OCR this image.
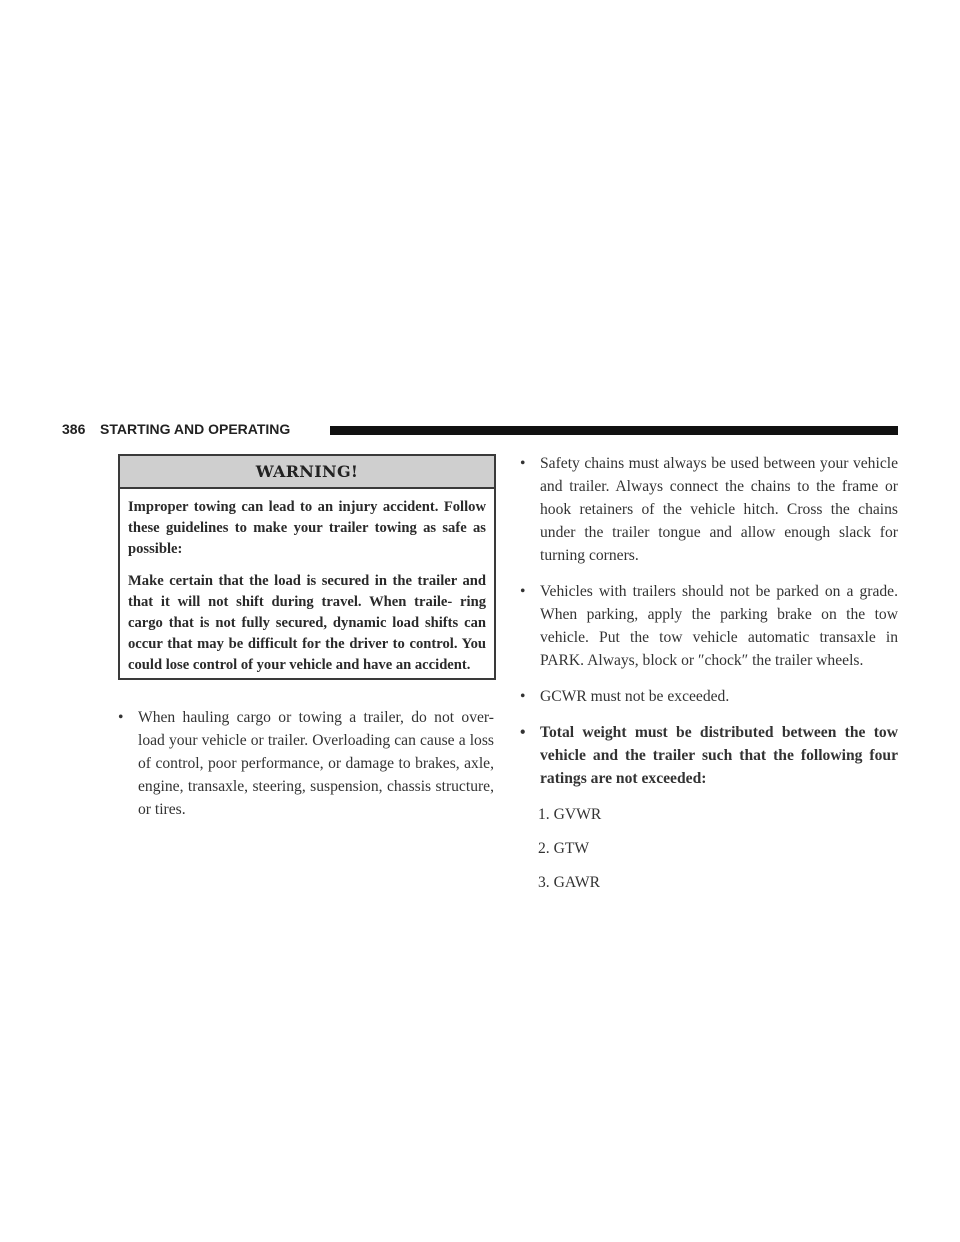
386 STARTING AND OPERATING
WARNING!

Improper towing can lead to an injury accident. Follow these guidelines to make your trailer towing as safe as possible:

Make certain that the load is secured in the trailer and that it will not shift during travel. When traile- ring cargo that is not fully secured, dynamic load shifts can occur that may be difficult for the driver to control. You could lose control of your vehicle and have an accident.

• When hauling cargo or towing a trailer, do not over- load your vehicle or trailer. Overloading can cause a loss of control, poor performance, or damage to brakes, axle, engine, transaxle, steering, suspension, chassis structure, or tires.
• Safety chains must always be used between your vehicle and trailer. Always connect the chains to the frame or hook retainers of the vehicle hitch. Cross the chains under the trailer tongue and allow enough slack for turning corners.
• Vehicles with trailers should not be parked on a grade. When parking, apply the parking brake on the tow vehicle. Put the tow vehicle automatic transaxle in PARK. Always, block or ″chock″ the trailer wheels.
• GCWR must not be exceeded.
• Total weight must be distributed between the tow vehicle and the trailer such that the following four ratings are not exceeded:
1. GVWR
2. GTW
3. GAWR
